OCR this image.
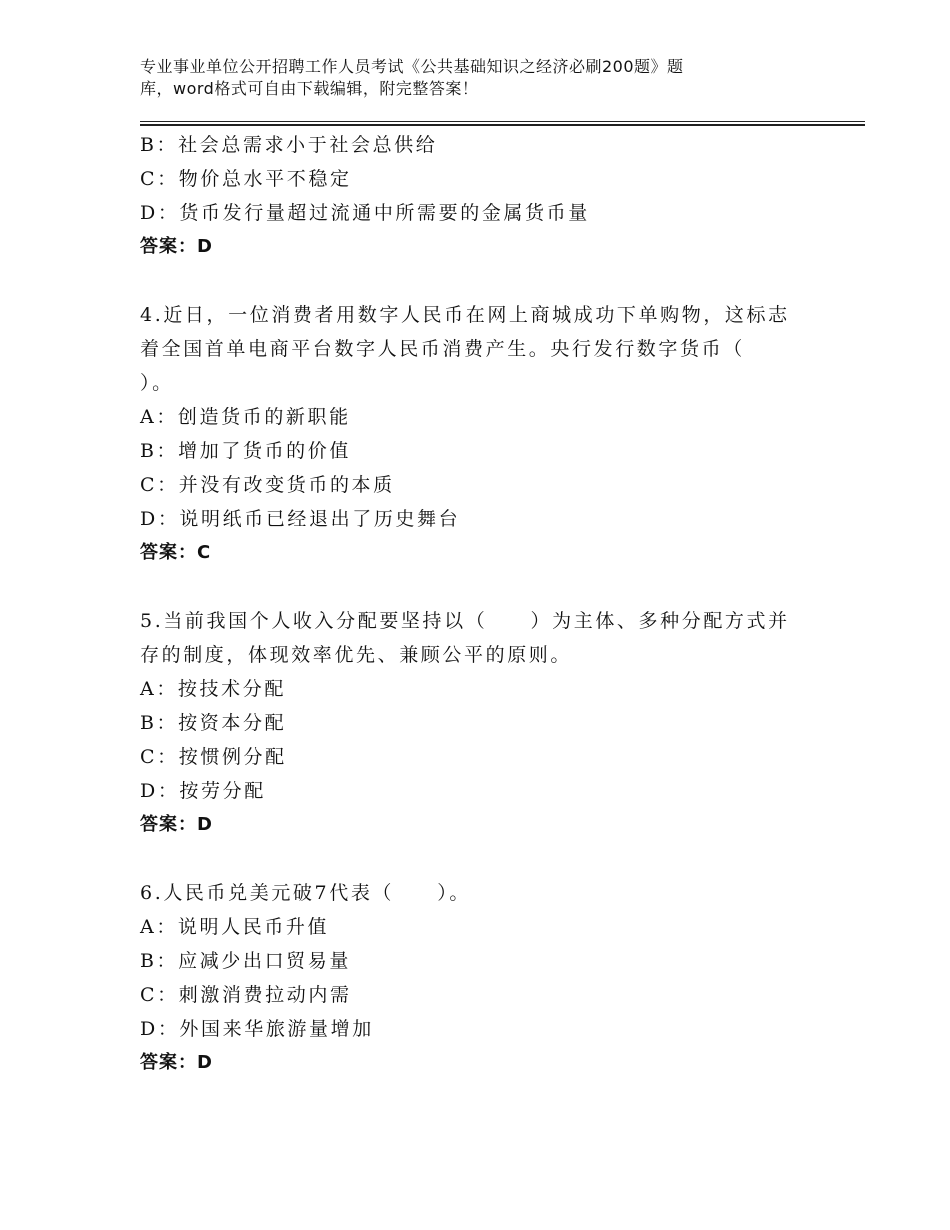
专业事业单位公开招聘工作人员考试《公共基础知识之经济必刷200题》题
库，word格式可自由下载编辑，附完整答案！
B：社会总需求小于社会总供给
C：物价总水平不稳定
D：货币发行量超过流通中所需要的金属货币量
答案：D
4.近日，一位消费者用数字人民币在网上商城成功下单购物，这标志
着全国首单电商平台数字人民币消费产生。央行发行数字货币（
）。
A：创造货币的新职能
B：增加了货币的价值
C：并没有改变货币的本质
D：说明纸币已经退出了历史舞台
答案：C
5.当前我国个人收入分配要坚持以（　　）为主体、多种分配方式并
存的制度，体现效率优先、兼顾公平的原则。
A：按技术分配
B：按资本分配
C：按惯例分配
D：按劳分配
答案：D
6.人民币兑美元破7代表（　　）。
A：说明人民币升值
B：应减少出口贸易量
C：刺激消费拉动内需
D：外国来华旅游量增加
答案：D
